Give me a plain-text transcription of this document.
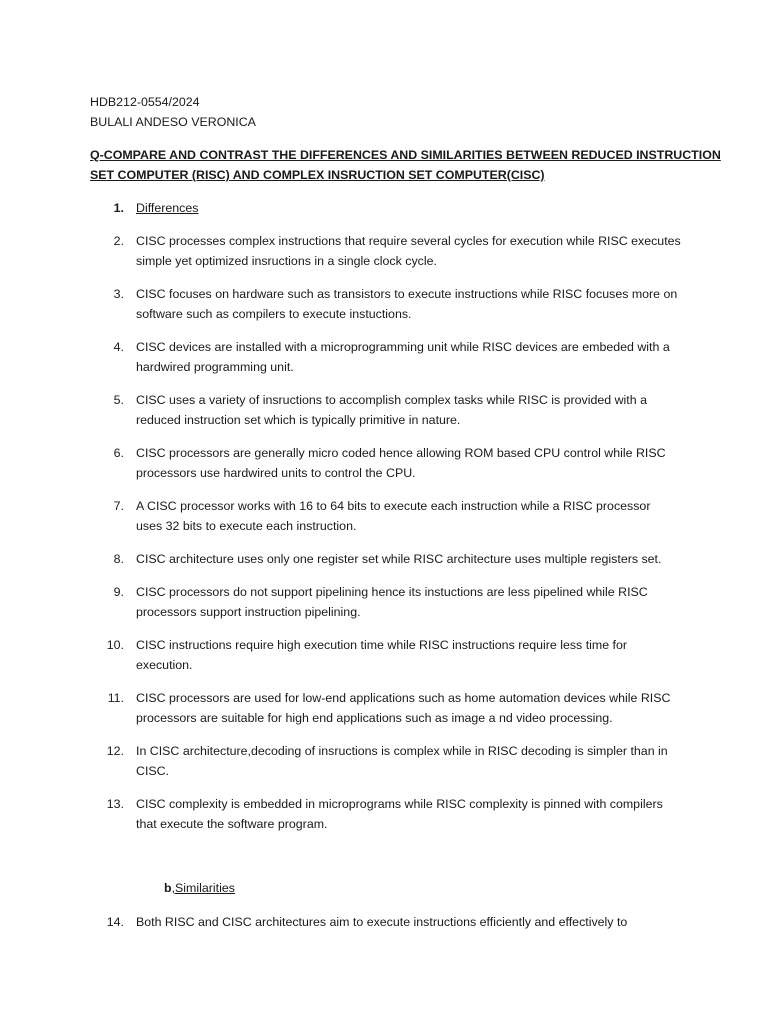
HDB212-0554/2024
BULALI ANDESO VERONICA
Q-COMPARE AND CONTRAST THE DIFFERENCES AND SIMILARITIES BETWEEN REDUCED INSTRUCTION
SET COMPUTER (RISC) AND COMPLEX INSRUCTION SET COMPUTER(CISC)
1. Differences
2. CISC processes complex instructions that require several cycles for execution while RISC executes
simple yet optimized insructions in a single clock cycle.
3. CISC focuses on hardware such as transistors to execute instructions while RISC focuses more on
software such as compilers to execute instuctions.
4. CISC devices are installed with a microprogramming unit while RISC devices are embeded with a
hardwired programming unit.
5. CISC uses a variety of insructions to accomplish complex tasks while RISC is provided with a
reduced instruction set which is typically primitive in nature.
6. CISC processors are generally micro coded hence allowing ROM based CPU control while RISC
processors use hardwired units to control the CPU.
7. A CISC processor works with 16 to 64 bits to execute each instruction while a RISC processor
uses 32 bits to execute each instruction.
8. CISC architecture uses only one register set while RISC architecture uses multiple registers set.
9. CISC processors do not support pipelining hence its instuctions are less pipelined while RISC
processors support instruction pipelining.
10. CISC instructions require high execution time while RISC instructions require less time for
execution.
11. CISC processors are used for low-end applications such as home automation devices while RISC
processors are suitable for high end applications such as image a nd video processing.
12. In CISC architecture,decoding of insructions is complex while in RISC decoding is simpler than in
CISC.
13. CISC complexity is embedded in microprograms while RISC complexity is pinned with compilers
that execute the software program.
b,Similarities
14. Both RISC and CISC architectures aim to execute instructions efficiently and effectively to
